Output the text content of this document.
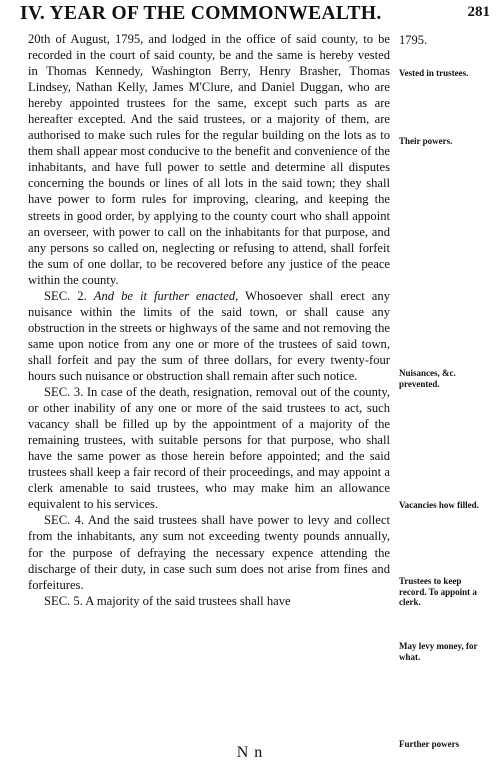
IV. YEAR OF THE COMMONWEALTH.	281

20th of August, 1795, and lodged in the office of said county, to be recorded in the court of said county, be and the same is hereby vested in Thomas Kennedy, Washington Berry, Henry Brasher, Thomas Lindsey, Nathan Kelly, James M'Clure, and Daniel Duggan, who are hereby appointed trustees for the same, except such parts as are hereafter excepted. And the said trustees, or a majority of them, are authorised to make such rules for the regular building on the lots as to them shall appear most conducive to the benefit and convenience of the inhabitants, and have full power to settle and determine all disputes concerning the bounds or lines of all lots in the said town; they shall have power to form rules for improving, clearing, and keeping the streets in good order, by applying to the county court who shall appoint an overseer, with power to call on the inhabitants for that purpose, and any persons so called on, neglecting or refusing to attend, shall forfeit the sum of one dollar, to be recovered before any justice of the peace within the county.

SEC. 2. And be it further enacted, Whosoever shall erect any nuisance within the limits of the said town, or shall cause any obstruction in the streets or highways of the same and not removing the same upon notice from any one or more of the trustees of said town, shall forfeit and pay the sum of three dollars, for every twenty-four hours such nuisance or obstruction shall remain after such notice.

SEC. 3. In case of the death, resignation, removal out of the county, or other inability of any one or more of the said trustees to act, such vacancy shall be filled up by the appointment of a majority of the remaining trustees, with suitable persons for that purpose, who shall have the same power as those herein before appointed; and the said trustees shall keep a fair record of their proceedings, and may appoint a clerk amenable to said trustees, who may make him an allowance equivalent to his services.

SEC. 4. And the said trustees shall have power to levy and collect from the inhabitants, any sum not exceeding twenty pounds annually, for the purpose of defraying the necessary expence attending the discharge of their duty, in case such sum does not arise from fines and forfeitures.

SEC. 5. A majority of the said trustees shall have

1795.
Vested in trustees.
Their powers.
Nuisances, &c. prevented.
Vacancies how filled.
Trustees to keep record. To appoint a clerk.
May levy money, for what.
Further powers
N n
